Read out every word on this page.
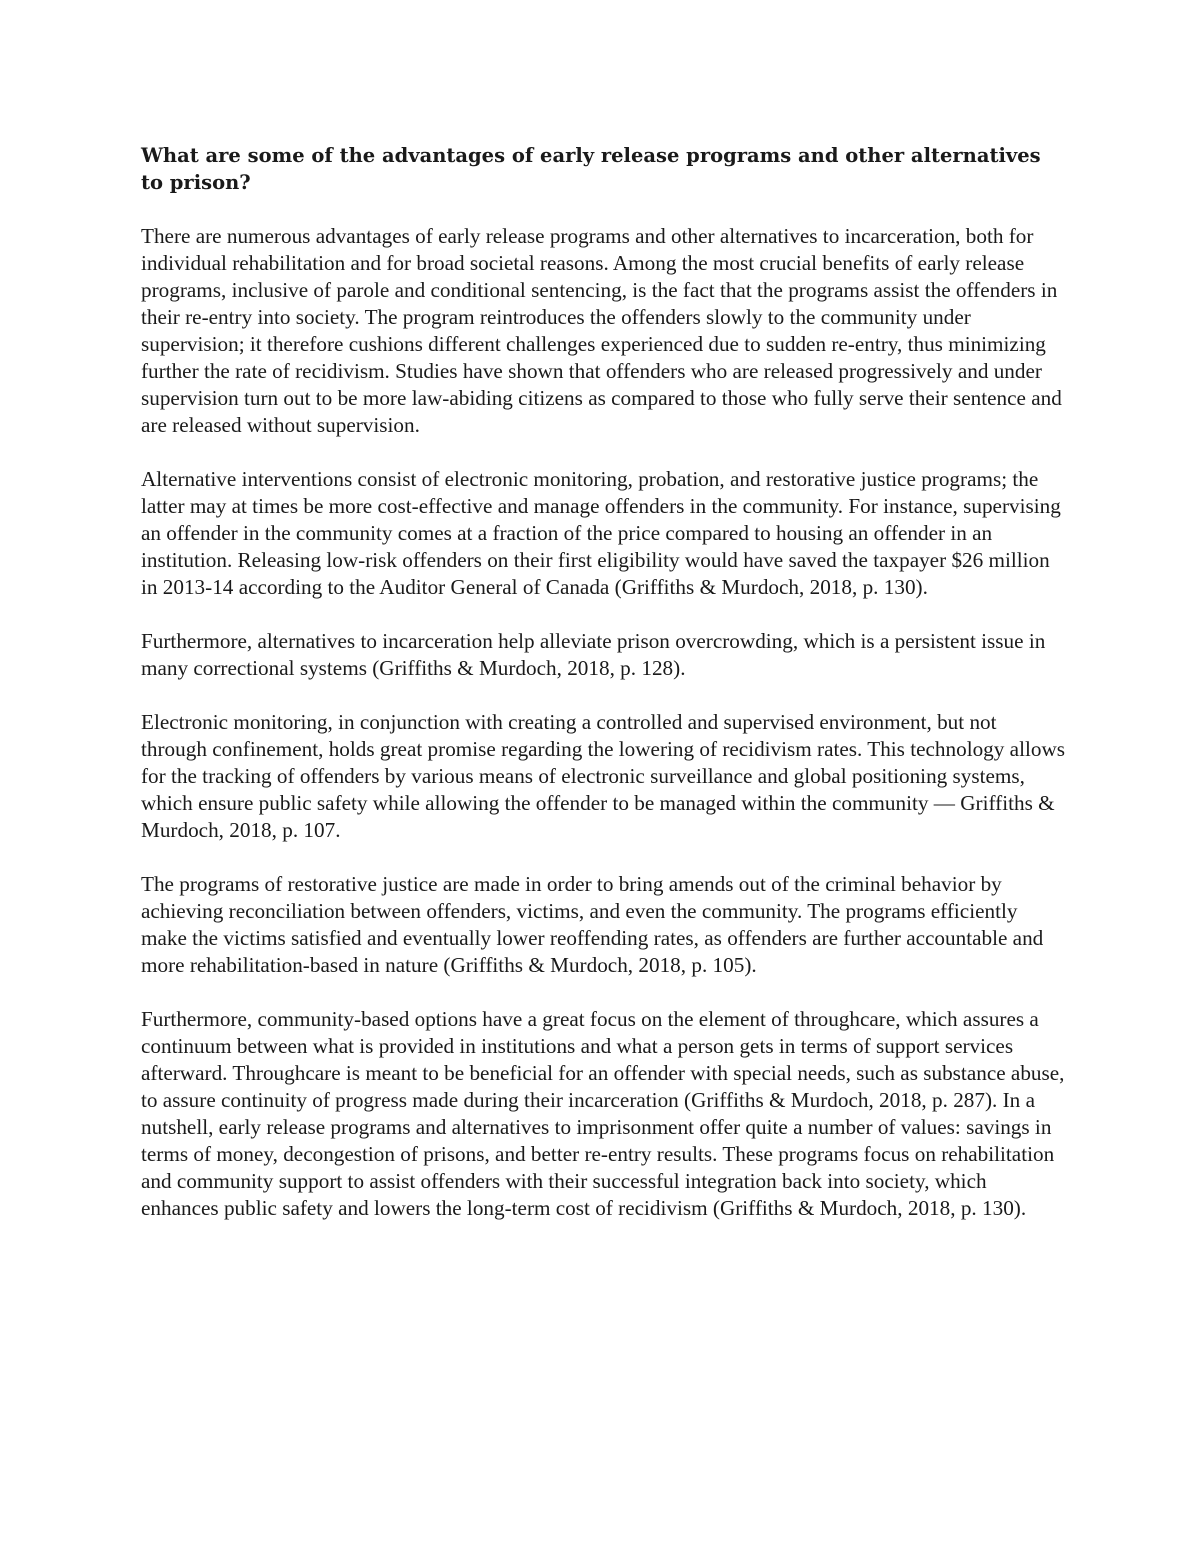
What are some of the advantages of early release programs and other alternatives to prison?

There are numerous advantages of early release programs and other alternatives to incarceration, both for individual rehabilitation and for broad societal reasons. Among the most crucial benefits of early release programs, inclusive of parole and conditional sentencing, is the fact that the programs assist the offenders in their re-entry into society. The program reintroduces the offenders slowly to the community under supervision; it therefore cushions different challenges experienced due to sudden re-entry, thus minimizing further the rate of recidivism. Studies have shown that offenders who are released progressively and under supervision turn out to be more law-abiding citizens as compared to those who fully serve their sentence and are released without supervision.

Alternative interventions consist of electronic monitoring, probation, and restorative justice programs; the latter may at times be more cost-effective and manage offenders in the community. For instance, supervising an offender in the community comes at a fraction of the price compared to housing an offender in an institution. Releasing low-risk offenders on their first eligibility would have saved the taxpayer $26 million in 2013-14 according to the Auditor General of Canada (Griffiths & Murdoch, 2018, p. 130).

Furthermore, alternatives to incarceration help alleviate prison overcrowding, which is a persistent issue in many correctional systems (Griffiths & Murdoch, 2018, p. 128).

Electronic monitoring, in conjunction with creating a controlled and supervised environment, but not through confinement, holds great promise regarding the lowering of recidivism rates. This technology allows for the tracking of offenders by various means of electronic surveillance and global positioning systems, which ensure public safety while allowing the offender to be managed within the community — Griffiths & Murdoch, 2018, p. 107.

The programs of restorative justice are made in order to bring amends out of the criminal behavior by achieving reconciliation between offenders, victims, and even the community. The programs efficiently make the victims satisfied and eventually lower reoffending rates, as offenders are further accountable and more rehabilitation-based in nature (Griffiths & Murdoch, 2018, p. 105).

Furthermore, community-based options have a great focus on the element of throughcare, which assures a continuum between what is provided in institutions and what a person gets in terms of support services afterward. Throughcare is meant to be beneficial for an offender with special needs, such as substance abuse, to assure continuity of progress made during their incarceration (Griffiths & Murdoch, 2018, p. 287). In a nutshell, early release programs and alternatives to imprisonment offer quite a number of values: savings in terms of money, decongestion of prisons, and better re-entry results. These programs focus on rehabilitation and community support to assist offenders with their successful integration back into society, which enhances public safety and lowers the long-term cost of recidivism (Griffiths & Murdoch, 2018, p. 130).
